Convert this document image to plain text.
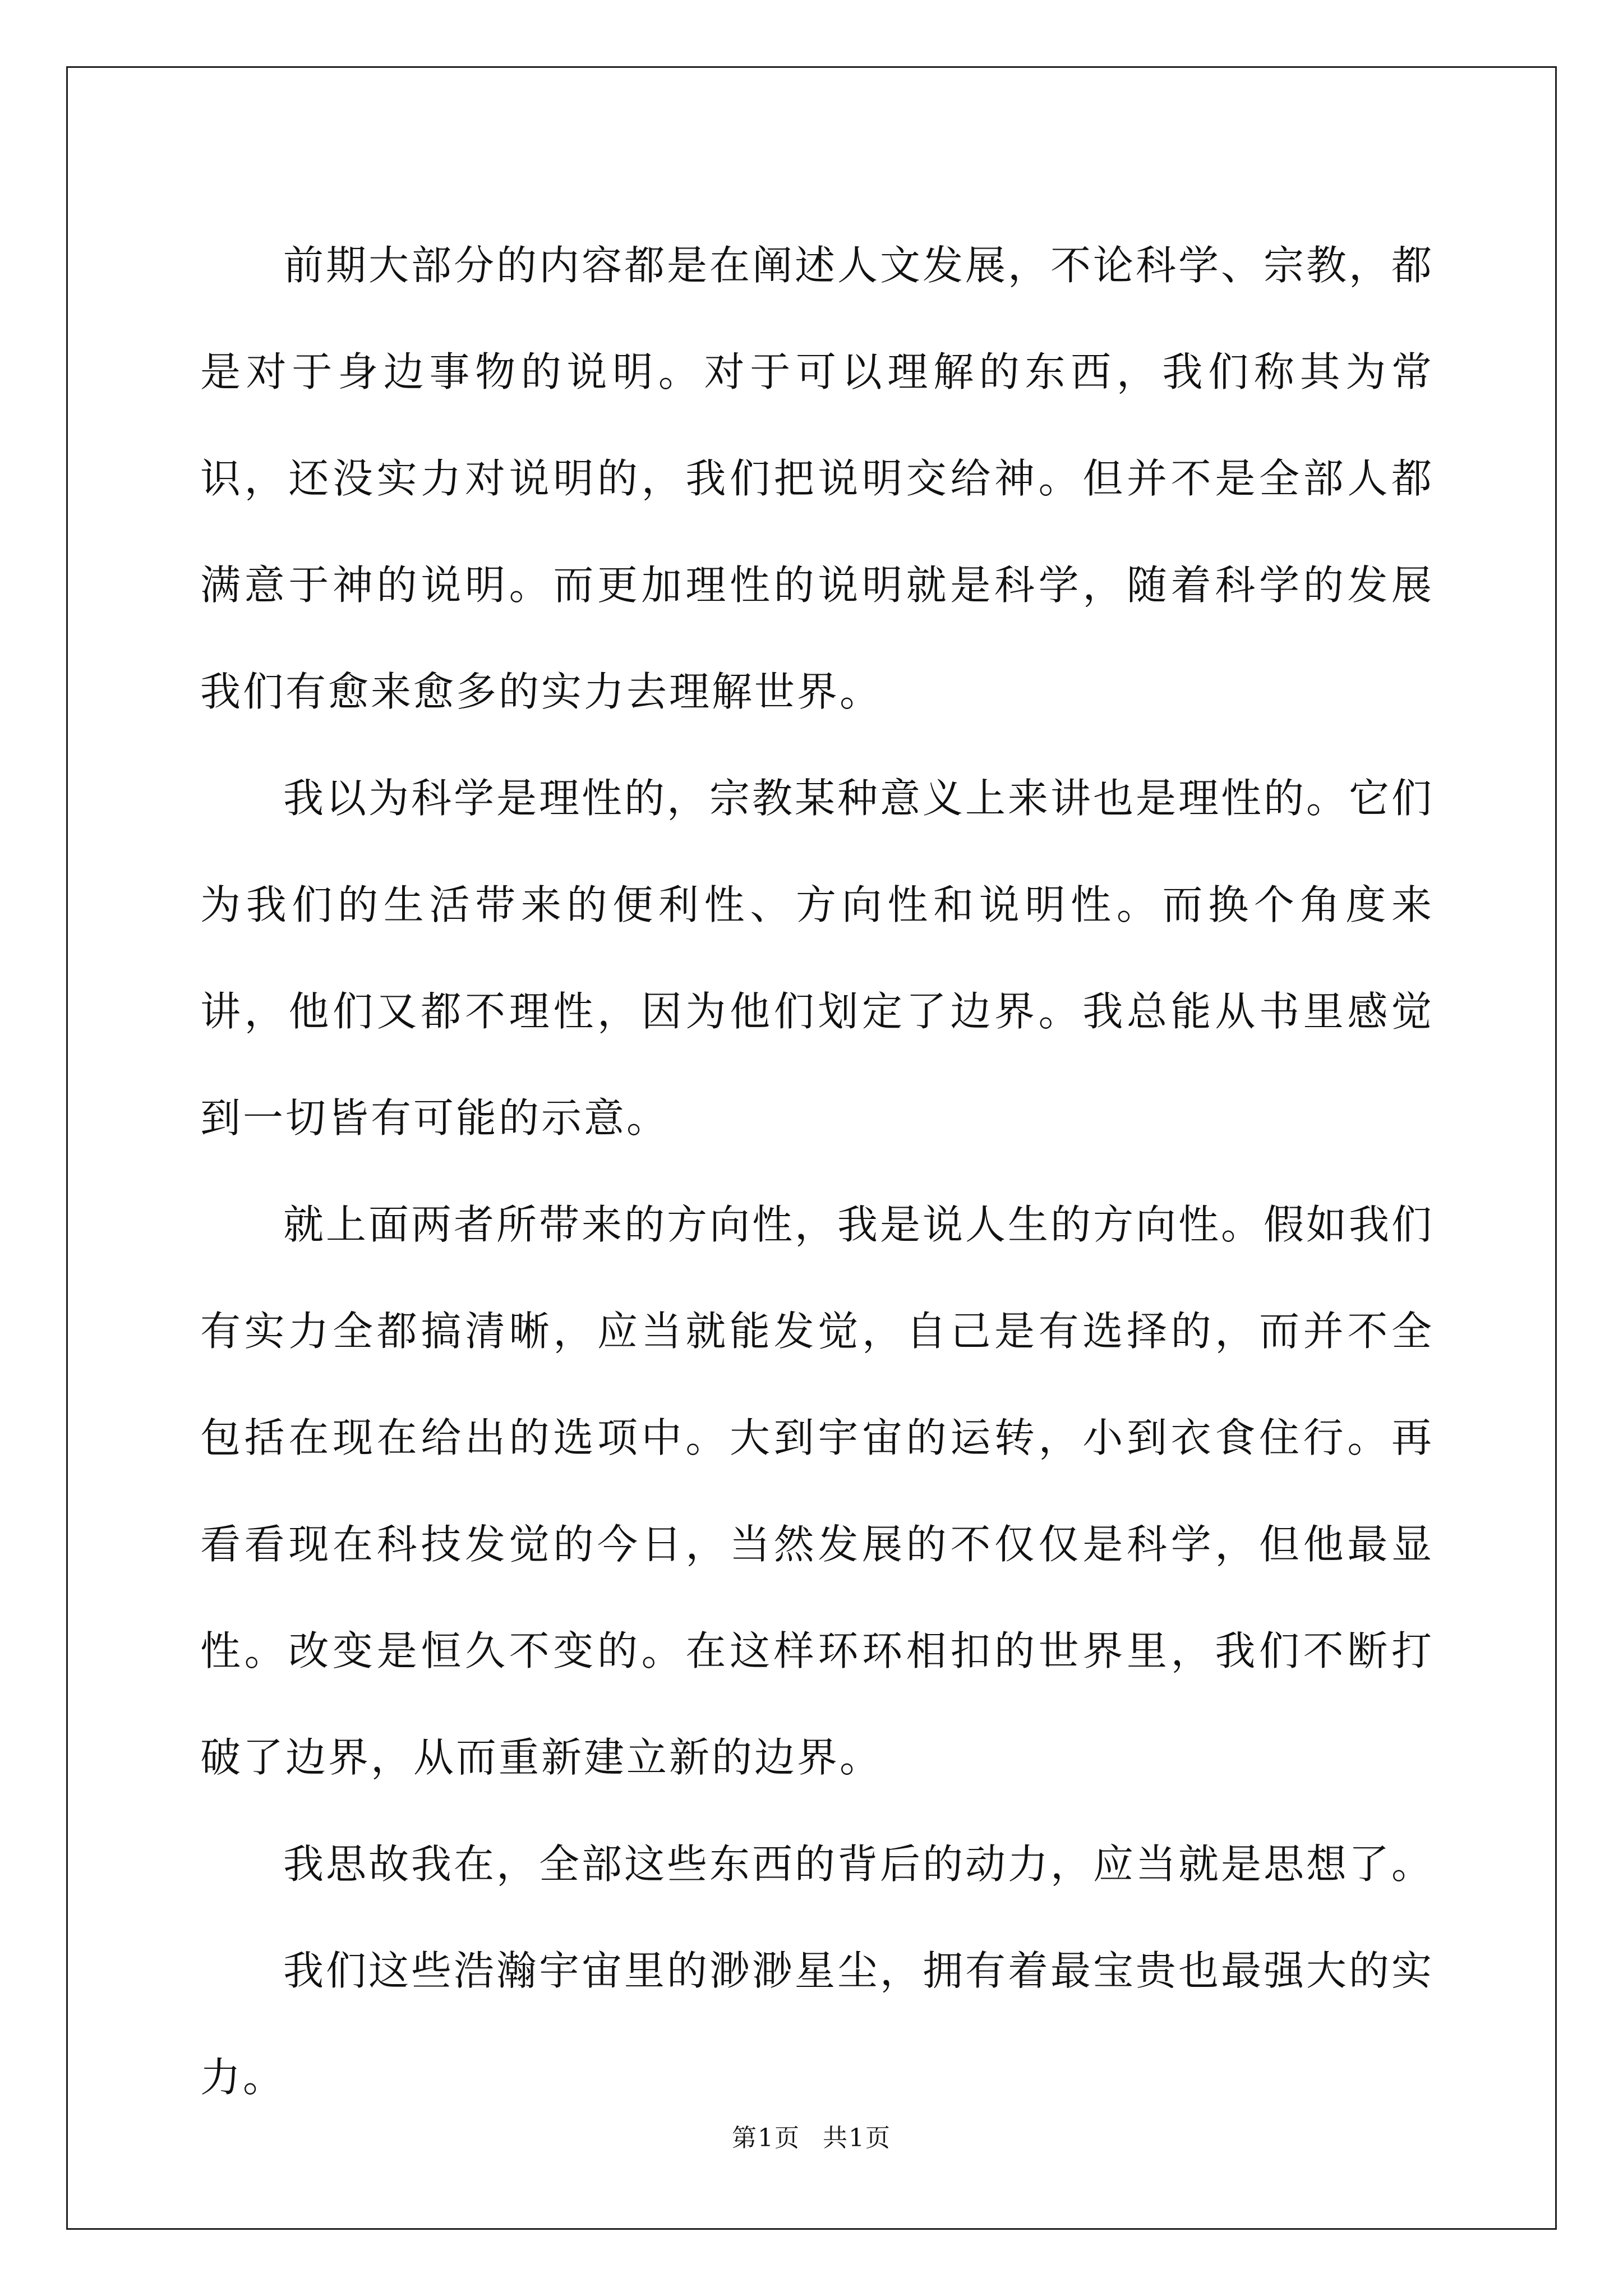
前期大部分的内容都是在阐述人文发展，不论科学、宗教，都是对于身边事物的说明。对于可以理解的东西，我们称其为常识，还没实力对说明的，我们把说明交给神。但并不是全部人都满意于神的说明。而更加理性的说明就是科学，随着科学的发展我们有愈来愈多的实力去理解世界。

我以为科学是理性的，宗教某种意义上来讲也是理性的。它们为我们的生活带来的便利性、方向性和说明性。而换个角度来讲，他们又都不理性，因为他们划定了边界。我总能从书里感觉到一切皆有可能的示意。

就上面两者所带来的方向性，我是说人生的方向性。假如我们有实力全都搞清晰，应当就能发觉，自己是有选择的，而并不全包括在现在给出的选项中。大到宇宙的运转，小到衣食住行。再看看现在科技发觉的今日，当然发展的不仅仅是科学，但他最显性。改变是恒久不变的。在这样环环相扣的世界里，我们不断打破了边界，从而重新建立新的边界。

我思故我在，全部这些东西的背后的动力，应当就是思想了。

我们这些浩瀚宇宙里的渺渺星尘，拥有着最宝贵也最强大的实力。

第1页 共1页
